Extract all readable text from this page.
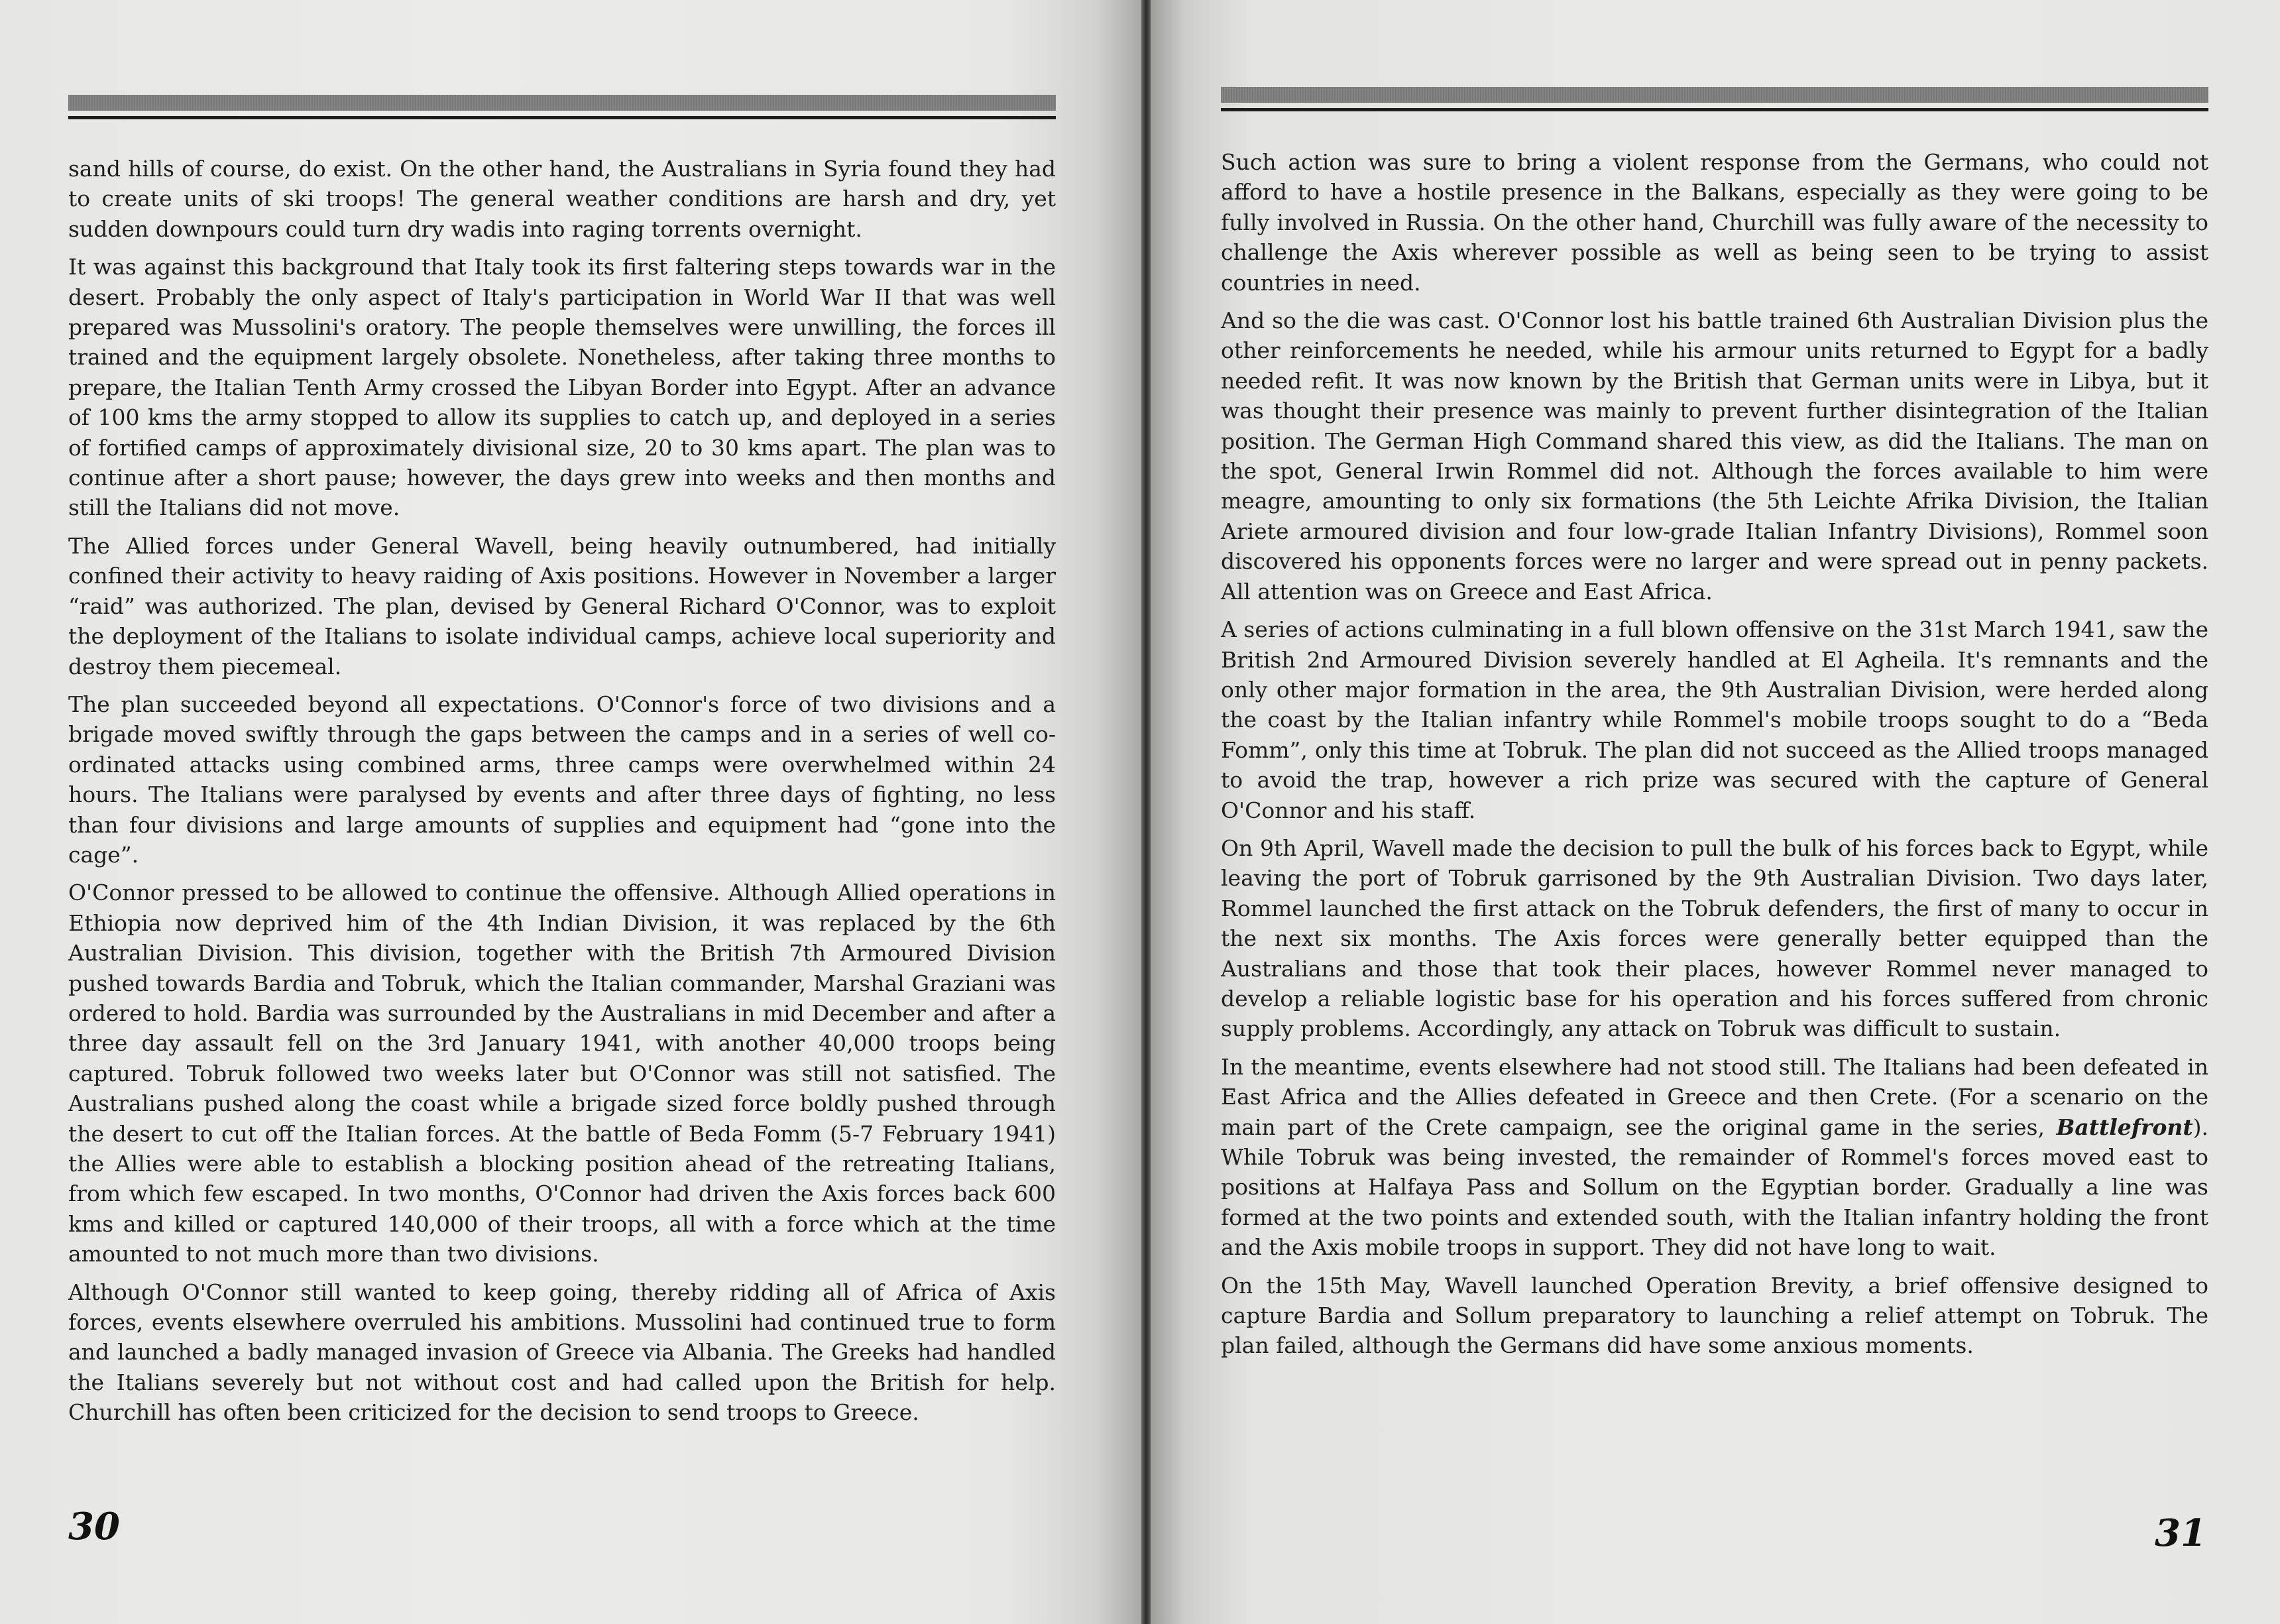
sand hills of course, do exist. On the other hand, the Australians in Syria found they had to create units of ski troops! The general weather conditions are harsh and dry, yet sudden downpours could turn dry wadis into raging torrents overnight.

It was against this background that Italy took its first faltering steps towards war in the desert. Probably the only aspect of Italy's participation in World War II that was well prepared was Mussolini's oratory. The people themselves were unwilling, the forces ill trained and the equipment largely obsolete. Nonetheless, after taking three months to prepare, the Italian Tenth Army crossed the Libyan Border into Egypt. After an advance of 100 kms the army stopped to allow its supplies to catch up, and deployed in a series of fortified camps of approximately divisional size, 20 to 30 kms apart. The plan was to continue after a short pause; however, the days grew into weeks and then months and still the Italians did not move.

The Allied forces under General Wavell, being heavily outnumbered, had initially confined their activity to heavy raiding of Axis positions. However in November a larger “raid” was authorized. The plan, devised by General Richard O'Connor, was to exploit the deployment of the Italians to isolate individual camps, achieve local superiority and destroy them piecemeal.

The plan succeeded beyond all expectations. O'Connor's force of two divisions and a brigade moved swiftly through the gaps between the camps and in a series of well co-ordinated attacks using combined arms, three camps were overwhelmed within 24 hours. The Italians were paralysed by events and after three days of fighting, no less than four divisions and large amounts of supplies and equipment had “gone into the cage”.

O'Connor pressed to be allowed to continue the offensive. Although Allied operations in Ethiopia now deprived him of the 4th Indian Division, it was replaced by the 6th Australian Division. This division, together with the British 7th Armoured Division pushed towards Bardia and Tobruk, which the Italian commander, Marshal Graziani was ordered to hold. Bardia was surrounded by the Australians in mid December and after a three day assault fell on the 3rd January 1941, with another 40,000 troops being captured. Tobruk followed two weeks later but O'Connor was still not satisfied. The Australians pushed along the coast while a brigade sized force boldly pushed through the desert to cut off the Italian forces. At the battle of Beda Fomm (5-7 February 1941) the Allies were able to establish a blocking position ahead of the retreating Italians, from which few escaped. In two months, O'Connor had driven the Axis forces back 600 kms and killed or captured 140,000 of their troops, all with a force which at the time amounted to not much more than two divisions.

Although O'Connor still wanted to keep going, thereby ridding all of Africa of Axis forces, events elsewhere overruled his ambitions. Mussolini had continued true to form and launched a badly managed invasion of Greece via Albania. The Greeks had handled the Italians severely but not without cost and had called upon the British for help. Churchill has often been criticized for the decision to send troops to Greece.

30

Such action was sure to bring a violent response from the Germans, who could not afford to have a hostile presence in the Balkans, especially as they were going to be fully involved in Russia. On the other hand, Churchill was fully aware of the necessity to challenge the Axis wherever possible as well as being seen to be trying to assist countries in need.

And so the die was cast. O'Connor lost his battle trained 6th Australian Division plus the other reinforcements he needed, while his armour units returned to Egypt for a badly needed refit. It was now known by the British that German units were in Libya, but it was thought their presence was mainly to prevent further disintegration of the Italian position. The German High Command shared this view, as did the Italians. The man on the spot, General Irwin Rommel did not. Although the forces available to him were meagre, amounting to only six formations (the 5th Leichte Afrika Division, the Italian Ariete armoured division and four low-grade Italian Infantry Divisions), Rommel soon discovered his opponents forces were no larger and were spread out in penny packets. All attention was on Greece and East Africa.

A series of actions culminating in a full blown offensive on the 31st March 1941, saw the British 2nd Armoured Division severely handled at El Agheila. It's remnants and the only other major formation in the area, the 9th Australian Division, were herded along the coast by the Italian infantry while Rommel's mobile troops sought to do a “Beda Fomm”, only this time at Tobruk. The plan did not succeed as the Allied troops managed to avoid the trap, however a rich prize was secured with the capture of General O'Connor and his staff.

On 9th April, Wavell made the decision to pull the bulk of his forces back to Egypt, while leaving the port of Tobruk garrisoned by the 9th Australian Division. Two days later, Rommel launched the first attack on the Tobruk defenders, the first of many to occur in the next six months. The Axis forces were generally better equipped than the Australians and those that took their places, however Rommel never managed to develop a reliable logistic base for his operation and his forces suffered from chronic supply problems. Accordingly, any attack on Tobruk was difficult to sustain.

In the meantime, events elsewhere had not stood still. The Italians had been defeated in East Africa and the Allies defeated in Greece and then Crete. (For a scenario on the main part of the Crete campaign, see the original game in the series, Battlefront). While Tobruk was being invested, the remainder of Rommel's forces moved east to positions at Halfaya Pass and Sollum on the Egyptian border. Gradually a line was formed at the two points and extended south, with the Italian infantry holding the front and the Axis mobile troops in support. They did not have long to wait.

On the 15th May, Wavell launched Operation Brevity, a brief offensive designed to capture Bardia and Sollum preparatory to launching a relief attempt on Tobruk. The plan failed, although the Germans did have some anxious moments.

31
